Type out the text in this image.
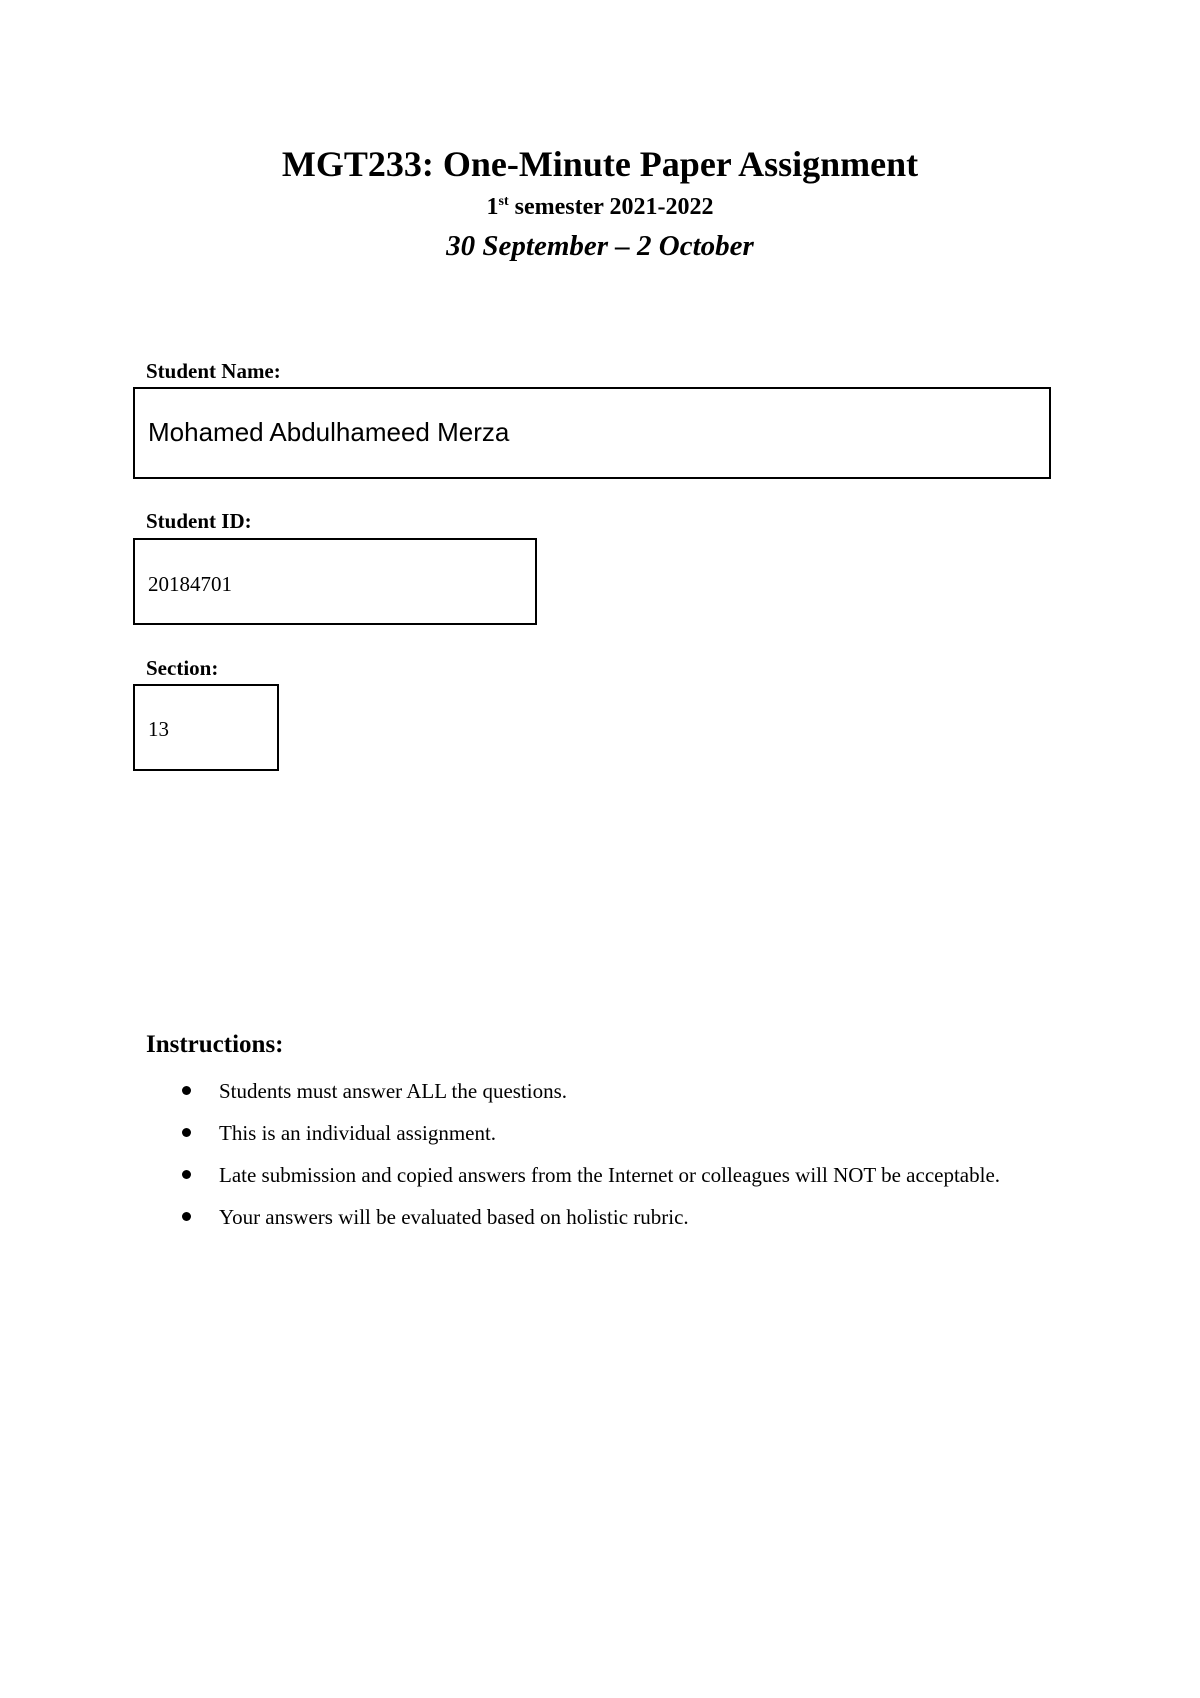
MGT233: One-Minute Paper Assignment
1st semester 2021-2022
30 September – 2 October
Student Name:
Mohamed Abdulhameed Merza
Student ID:
20184701
Section:
13
Instructions:
Students must answer ALL the questions.
This is an individual assignment.
Late submission and copied answers from the Internet or colleagues will NOT be acceptable.
Your answers will be evaluated based on holistic rubric.
